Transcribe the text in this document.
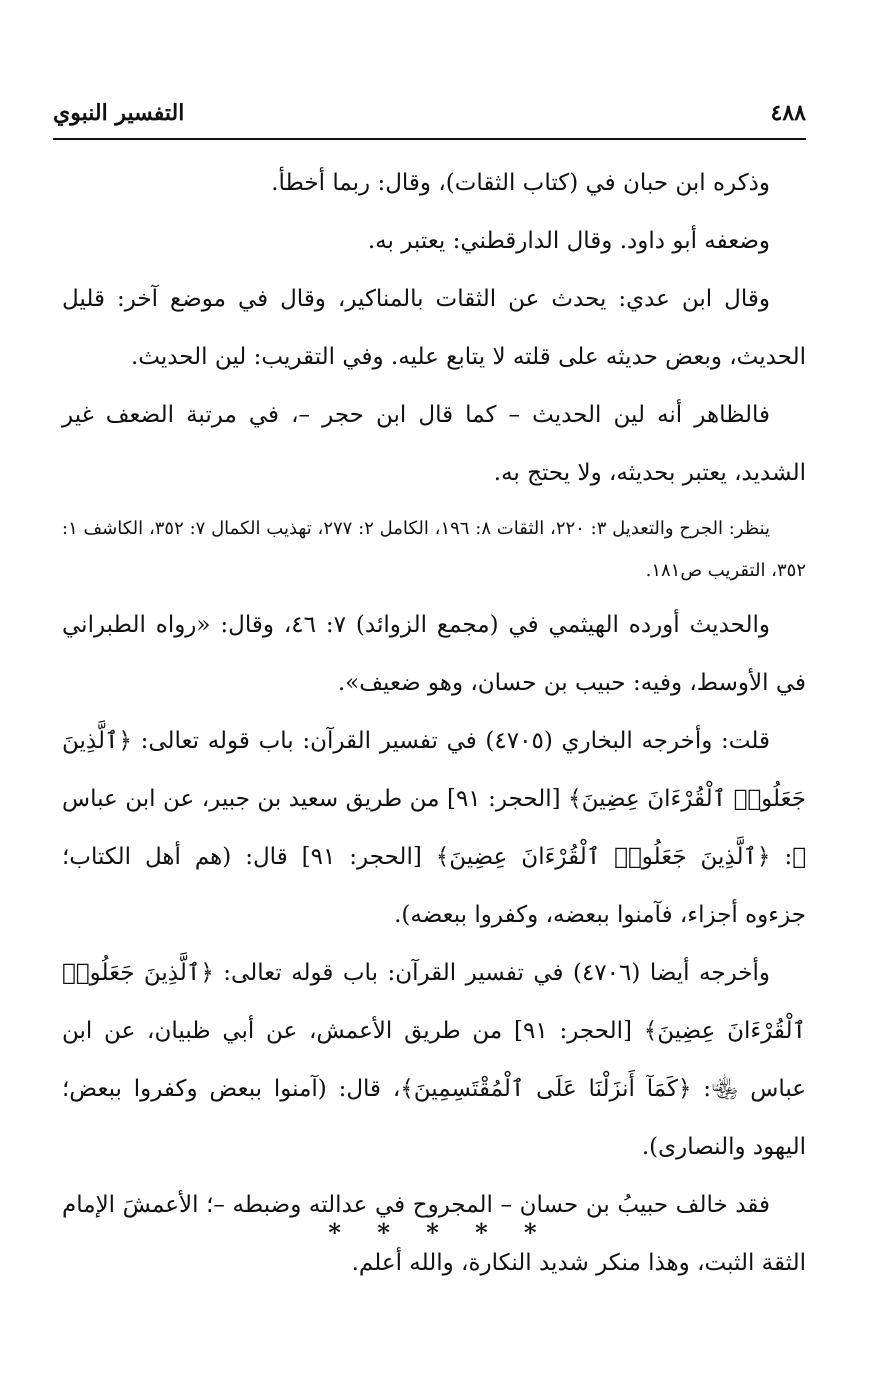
٤٨٨
التفسير النبوي

وذكره ابن حبان في (كتاب الثقات)، وقال: ربما أخطأ.

وضعفه أبو داود. وقال الدارقطني: يعتبر به.

وقال ابن عدي: يحدث عن الثقات بالمناكير، وقال في موضع آخر: قليل الحديث، وبعض حديثه على قلته لا يتابع عليه. وفي التقريب: لين الحديث.

فالظاهر أنه لين الحديث – كما قال ابن حجر –، في مرتبة الضعف غير الشديد، يعتبر بحديثه، ولا يحتج به.

ينظر: الجرح والتعديل ٣: ٢٢٠، الثقات ٨: ١٩٦، الكامل ٢: ٢٧٧، تهذيب الكمال ٧: ٣٥٢، الكاشف ١: ٣٥٢، التقريب ص١٨١.

والحديث أورده الهيثمي في (مجمع الزوائد) ٧: ٤٦، وقال: «رواه الطبراني في الأوسط، وفيه: حبيب بن حسان، وهو ضعيف».

قلت: وأخرجه البخاري (٤٧٠٥) في تفسير القرآن: باب قوله تعالى: ﴿ٱلَّذِينَ جَعَلُوا۟ ٱلْقُرْءَانَ عِضِينَ﴾ [الحجر: ٩١] من طريق سعيد بن جبير، عن ابن عباس ﵄: ﴿ٱلَّذِينَ جَعَلُوا۟ ٱلْقُرْءَانَ عِضِينَ﴾ [الحجر: ٩١] قال: (هم أهل الكتاب؛ جزءوه أجزاء، فآمنوا ببعضه، وكفروا ببعضه).

وأخرجه أيضا (٤٧٠٦) في تفسير القرآن: باب قوله تعالى: ﴿ٱلَّذِينَ جَعَلُوا۟ ٱلْقُرْءَانَ عِضِينَ﴾ [الحجر: ٩١] من طريق الأعمش، عن أبي ظبيان، عن ابن عباس ﵄: ﴿كَمَآ أَنزَلْنَا عَلَى ٱلْمُقْتَسِمِينَ﴾، قال: (آمنوا ببعض وكفروا ببعض؛ اليهود والنصارى).

فقد خالف حبيبُ بن حسان – المجروح في عدالته وضبطه –؛ الأعمشَ الإمام الثقة الثبت، وهذا منكر شديد النكارة، والله أعلم.

* * * * *
